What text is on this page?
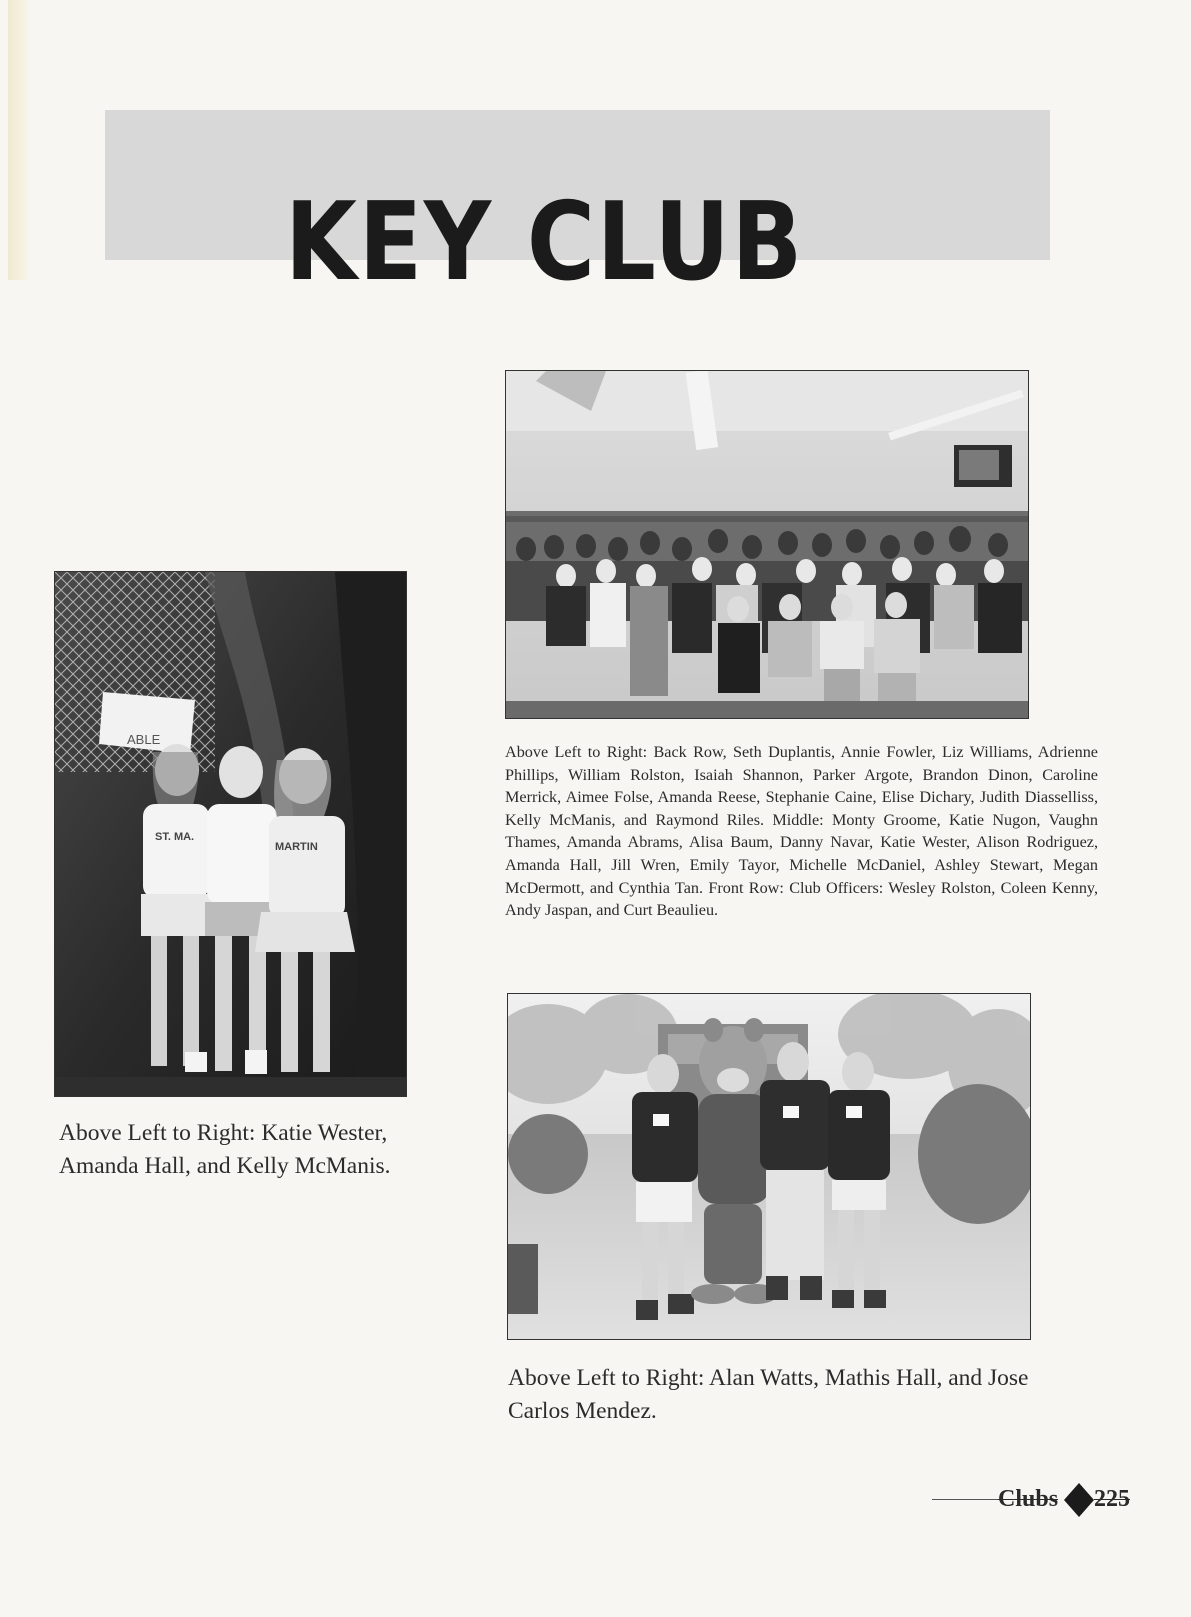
KEY CLUB

Above Left to Right: Back Row, Seth Duplantis, Annie Fowler, Liz Williams, Adrienne Phillips, William Rolston, Isaiah Shannon, Parker Argote, Brandon Dinon, Caroline Merrick, Aimee Folse, Amanda Reese, Stephanie Caine, Elise Dichary, Judith Diasselliss, Kelly McManis, and Raymond Riles. Middle: Monty Groome, Katie Nugon, Vaughn Thames, Amanda Abrams, Alisa Baum, Danny Navar, Katie Wester, Alison Rodriguez, Amanda Hall, Jill Wren, Emily Tayor, Michelle McDaniel, Ashley Stewart, Megan McDermott, and Cynthia Tan. Front Row: Club Officers: Wesley Rolston, Coleen Kenny, Andy Jaspan, and Curt Beaulieu.

ABLE
ST. MA.
MARTIN

Above Left to Right: Katie Wester, Amanda Hall, and Kelly McManis.

Above Left to Right: Alan Watts, Mathis Hall, and Jose Carlos Mendez.

Clubs 225
